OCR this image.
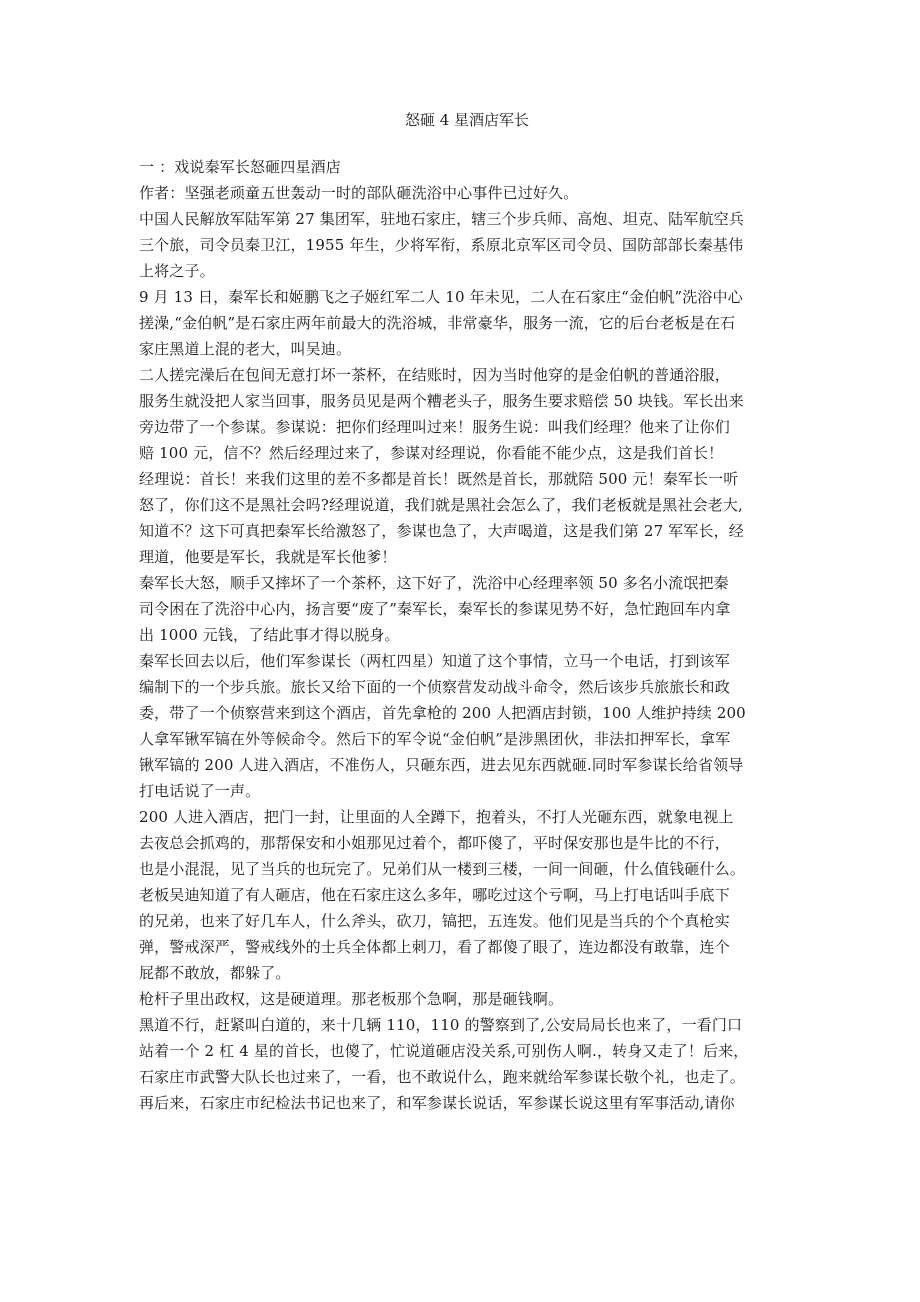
怒砸 4 星酒店军长
一 ：戏说秦军长怒砸四星酒店
作者：坚强老顽童五世轰动一时的部队砸洗浴中心事件已过好久。
中国人民解放军陆军第 27 集团军，驻地石家庄，辖三个步兵师、高炮、坦克、陆军航空兵
三个旅，司令员秦卫江，1955 年生，少将军衔，系原北京军区司令员、国防部部长秦基伟
上将之子。
9 月 13 日，秦军长和姬鹏飞之子姬红军二人 10 年未见，二人在石家庄“金伯帆”洗浴中心
搓澡,“金伯帆”是石家庄两年前最大的洗浴城，非常豪华，服务一流，它的后台老板是在石
家庄黑道上混的老大，叫吴迪。
二人搓完澡后在包间无意打坏一茶杯，在结账时，因为当时他穿的是金伯帆的普通浴服，
服务生就没把人家当回事，服务员见是两个糟老头子，服务生要求赔偿 50 块钱。军长出来
旁边带了一个参谋。参谋说：把你们经理叫过来！服务生说：叫我们经理？他来了让你们
赔 100 元，信不？然后经理过来了，参谋对经理说，你看能不能少点，这是我们首长！
经理说：首长！来我们这里的差不多都是首长！既然是首长，那就陪 500 元！秦军长一听
怒了，你们这不是黑社会吗?经理说道，我们就是黑社会怎么了，我们老板就是黑社会老大,
知道不？这下可真把秦军长给激怒了，参谋也急了，大声喝道，这是我们第 27 军军长，经
理道，他要是军长，我就是军长他爹！
秦军长大怒，顺手又摔坏了一个茶杯，这下好了，洗浴中心经理率领 50 多名小流氓把秦
司令困在了洗浴中心内，扬言要“废了”秦军长，秦军长的参谋见势不好，急忙跑回车内拿
出 1000 元钱，了结此事才得以脱身。
秦军长回去以后，他们军参谋长（两杠四星）知道了这个事情，立马一个电话，打到该军
编制下的一个步兵旅。旅长又给下面的一个侦察营发动战斗命令，然后该步兵旅旅长和政
委，带了一个侦察营来到这个酒店，首先拿枪的 200 人把酒店封锁，100 人维护持续 200
人拿军锹军镐在外等候命令。然后下的军令说“金伯帆”是涉黑团伙，非法扣押军长，拿军
锹军镐的 200 人进入酒店，不准伤人，只砸东西，进去见东西就砸.同时军参谋长给省领导
打电话说了一声。
200 人进入酒店，把门一封，让里面的人全蹲下，抱着头，不打人光砸东西，就象电视上
去夜总会抓鸡的，那帮保安和小姐那见过着个，都吓傻了，平时保安那也是牛比的不行，
也是小混混，见了当兵的也玩完了。兄弟们从一楼到三楼，一间一间砸，什么值钱砸什么。
老板吴迪知道了有人砸店，他在石家庄这么多年，哪吃过这个亏啊，马上打电话叫手底下
的兄弟，也来了好几车人，什么斧头，砍刀，镐把，五连发。他们见是当兵的个个真枪实
弹，警戒深严，警戒线外的士兵全体都上刺刀，看了都傻了眼了，连边都没有敢靠，连个
屁都不敢放，都躲了。
枪杆子里出政权，这是硬道理。那老板那个急啊，那是砸钱啊。
黑道不行，赶紧叫白道的，来十几辆 110，110 的警察到了,公安局局长也来了，一看门口
站着一个 2 杠 4 星的首长，也傻了，忙说道砸店没关系,可别伤人啊.，转身又走了！后来，
石家庄市武警大队长也过来了，一看，也不敢说什么，跑来就给军参谋长敬个礼，也走了。
再后来，石家庄市纪检法书记也来了，和军参谋长说话，军参谋长说这里有军事活动,请你
